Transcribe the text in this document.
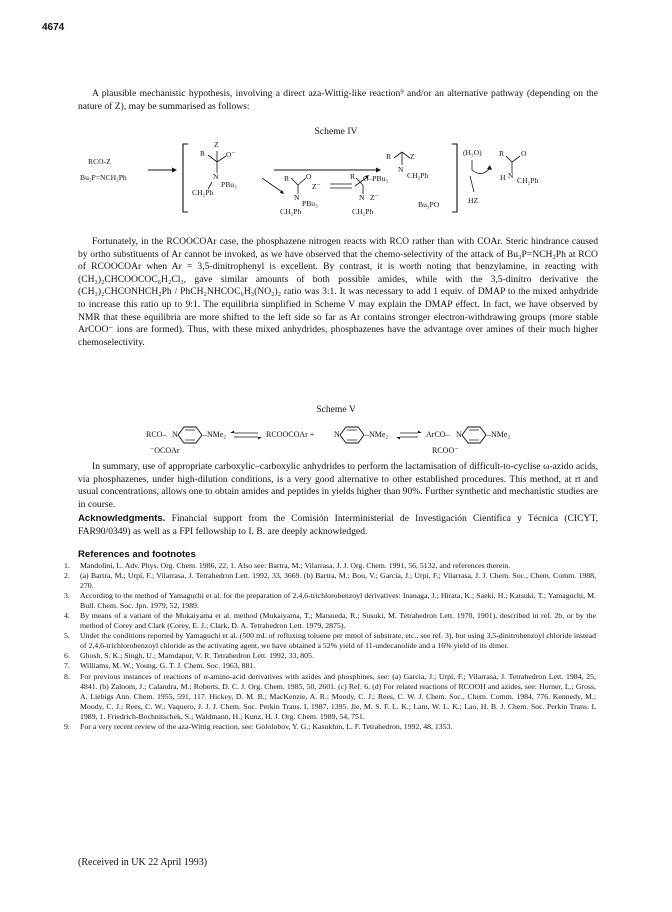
4674

A plausible mechanistic hypothesis, involving a direct aza-Wittig-like reaction⁹ and/or an alternative pathway (depending on the nature of Z), may be summarised as follows:

Scheme IV
RCO-Z
Bu₃P=NCH₂Ph
R
Z
O⁻
N
PBu₃
CH₂Ph
R Z
N
CH₂Ph
R O
Z⁻
N
PBu₃
CH₂Ph
R O–PBu₃
N Z⁻
CH₂Ph
Bu₃PO
(H₂O)
HZ
R O
H N
CH₂Ph

Fortunately, in the RCOOCOAr case, the phosphazene nitrogen reacts with RCO rather than with COAr. Steric hindrance caused by ortho substituents of Ar cannot be invoked, as we have observed that the chemo-selectivity of the attack of Bu₃P=NCH₂Ph at RCO of RCOOCOAr when Ar = 3,5-dinitrophenyl is excellent. By contrast, it is worth noting that benzylamine, in reacting with (CH₃)₂CHCOOCOC₆H₂Cl₃, gave similar amounts of both possible amides, while with the 3,5-dinitro derivative the (CH₃)₂CHCONHCH₂Ph / PhCH₂NHCOC₆H₃(NO₂)₂ ratio was 3:1. It was necessary to add 1 equiv. of DMAP to the mixed anhydride to increase this ratio up to 9:1. The equilibria simplified in Scheme V may explain the DMAP effect. In fact, we have observed by NMR that these equilibria are more shifted to the left side so far as Ar contains stronger electron-withdrawing groups (more stable ArCOO⁻ ions are formed). Thus, with these mixed anhydrides, phosphazenes have the advantage over amines of their much higher chemoselectivity.

Scheme V
RCO– N	–NMe₂
⁻OCOAr
RCOOCOAr + N	–NMe₂	ArCO– N	–NMe₂
RCOO⁻

In summary, use of appropriate carboxylic–carboxylic anhydrides to perform the lactamisation of difficult-to-cyclise ω-azido acids, via phosphazenes, under high-dilution conditions, is a very good alternative to other established procedures. This method, at rt and usual concentrations, allows one to obtain amides and peptides in yields higher than 90%. Further synthetic and mechanistic studies are in course.

Acknowledgments. Financial support from the Comisión Interministerial de Investigación Científica y Técnica (CICYT, FAR90/0349) as well as a FPI fellowship to I. B. are deeply acknowledged.
References and footnotes
1.	Mandolini, L. Adv. Phys. Org. Chem. 1986, 22, 1. Also see: Bartra, M.; Vilarrasa, J. J. Org. Chem. 1991, 56, 5132, and references therein.
2.	(a) Bartra, M.; Urpí, F.; Vilarrasa, J. Tetrahedron Lett. 1992, 33, 3669. (b) Bartra, M.; Bou, V.; Garcia, J.; Urpí, F.; Vilarrasa, J. J. Chem. Soc., Chem. Comm. 1988, 270.
3.	According to the method of Yamaguchi et al. for the preparation of 2,4,6-trichlorobenzoyl derivatives: Inanaga, J.; Hirata, K.; Saeki, H.; Katsuki, T.; Yamaguchi, M. Bull. Chem. Soc. Jpn. 1979, 52, 1989.
4.	By means of a variant of the Mukaiyama et al. method (Mukaiyama, T.; Matsueda, R.; Susuki, M. Tetrahedron Lett. 1970, 1901), described in ref. 2b, or by the method of Corey and Clark (Corey, E. J.; Clark, D. A. Tetrahedron Lett. 1979, 2875).
5.	Under the conditions reported by Yamaguchi et al. (500 mL of refluxing toluene per mmol of substrate, etc., see ref. 3), but using 3,5-dinitrobenzoyl chloride instead of 2,4,6-trichlorobenzoyl chloride as the activating agent, we have obtained a 52% yield of 11-undecanolide and a 16% yield of its dimer.
6.	Ghosh, S. K.; Singh, U.; Mamdapur, V. R. Tetrahedron Lett. 1992, 33, 805.
7.	Williams, M. W.; Young, G. T. J. Chem. Soc. 1963, 881.
8.	For previous instances of reactions of α-amino-acid derivatives with azides and phosphines, see: (a) Garcia, J.; Urpí, F.; Vilarrasa, J. Tetrahedron Lett. 1984, 25, 4841. (b) Zaloom, J.; Calandra, M.; Roberts, D. C. J. Org. Chem. 1985, 50, 2601. (c) Ref. 6. (d) For related reactions of RCOOH and azides, see: Horner, L.; Gross, A. Liebigs Ann. Chem. 1955, 591, 117. Hickey, D. M. B.; MacKenzie, A. R.; Moody, C. J.; Rees, C. W. J. Chem. Soc., Chem. Comm. 1984, 776. Kennedy, M.; Moody, C. J.; Rees, C. W.; Vaquero, J. J. J. Chem. Soc. Perkin Trans. I, 1987, 1395. Jie, M. S. F. L. K.; Lam, W. L. K.; Lao, H. B. J. Chem. Soc. Perkin Trans. I, 1989, 1. Friedrich-Bochnitschek, S.; Waldmann, H.; Kunz, H. J. Org. Chem. 1989, 54, 751.
9.	For a very recent review of the aza-Wittig reaction, see: Gololobov, Y. G.; Kasukhin, L. F. Tetrahedron, 1992, 48, 1353.
(Received in UK 22 April 1993)
